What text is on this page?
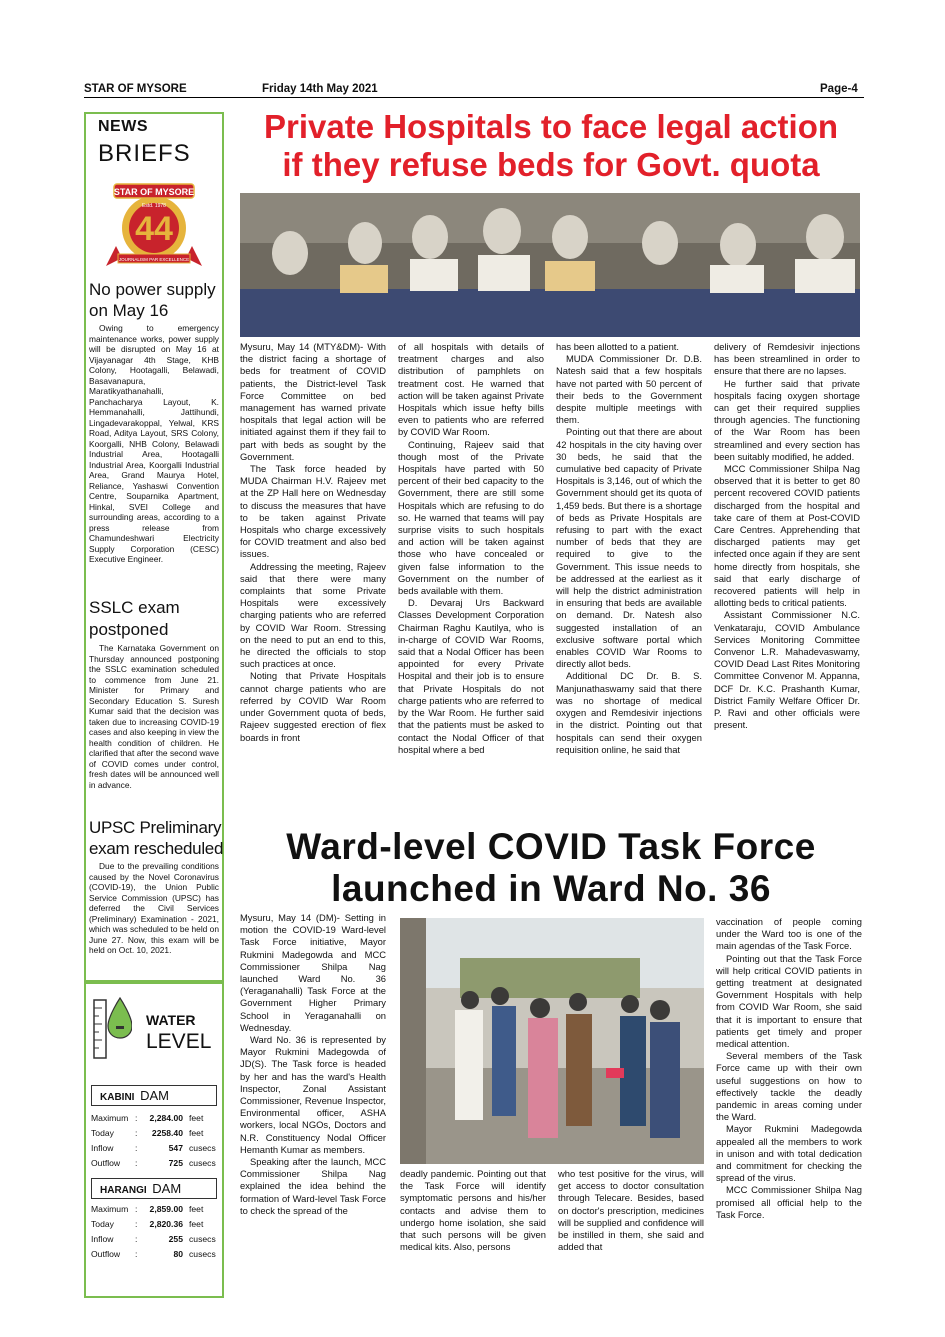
STAR OF MYSORE	Friday 14th May 2021	Page-4
NEWS
BRIEFS
STAR OF MYSORE
Estd. 1978
44
JOURNALISM PAR EXCELLENCE
No power supply
on May 16
Owing to emergency maintenance works, power supply will be disrupted on May 16 at Vijayanagar 4th Stage, KHB Colony, Hootagalli, Belawadi, Basavanapura, Maratikyathanahalli, Panchacharya Layout, K. Hemmanahalli, Jattihundi, Lingadevarakoppal, Yelwal, KRS Road, Aditya Layout, SRS Colony, Koorgalli, NHB Colony, Belawadi Industrial Area, Hootagalli Industrial Area, Koorgalli Industrial Area, Grand Maurya Hotel, Reliance, Yashaswi Convention Centre, Souparnika Apartment, Hinkal, SVEI College and surrounding areas, according to a press release from Chamundeshwari Electricity Supply Corporation (CESC) Executive Engineer.
SSLC exam
postponed
The Karnataka Government on Thursday announced postponing the SSLC examination scheduled to commence from June 21. Minister for Primary and Secondary Education S. Suresh Kumar said that the decision was taken due to increasing COVID-19 cases and also keeping in view the health condition of children. He clarified that after the second wave of COVID comes under control, fresh dates will be announced well in advance.
UPSC Preliminary
exam rescheduled
Due to the prevailing conditions caused by the Novel Coronavirus (COVID-19), the Union Public Service Commission (UPSC) has deferred the Civil Services (Preliminary) Examination - 2021, which was scheduled to be held on June 27. Now, this exam will be held on Oct. 10, 2021.
WATER
LEVEL
KABINI DAM
Maximum :	2,284.00 feet
Today	:	2258.40 feet
Inflow	:	547 cusecs
Outflow	:	725 cusecs
HARANGI DAM
Maximum :	2,859.00 feet
Today	:	2,820.36 feet
Inflow	:	255 cusecs
Outflow	:	80 cusecs
Private Hospitals to face legal action
if they refuse beds for Govt. quota

Mysuru, May 14 (MTY&DM)- With the district facing a shortage of beds for treatment of COVID patients, the District-level Task Force Committee on bed management has warned private hospitals that legal action will be initiated against them if they fail to part with beds as sought by the Government.

The Task force headed by MUDA Chairman H.V. Rajeev met at the ZP Hall here on Wednesday to discuss the measures that have to be taken against Private Hospitals who charge excessively for COVID treatment and also bed issues.

Addressing the meeting, Rajeev said that there were many complaints that some Private Hospitals were excessively charging patients who are referred by COVID War Room. Stressing on the need to put an end to this, he directed the officials to stop such practices at once.

Noting that Private Hospitals cannot charge patients who are referred by COVID War Room under Government quota of beds, Rajeev suggested erection of flex boards in front

of all hospitals with details of treatment charges and also distribution of pamphlets on treatment cost. He warned that action will be taken against Private Hospitals which issue hefty bills even to patients who are referred by COVID War Room.

Continuing, Rajeev said that though most of the Private Hospitals have parted with 50 percent of their bed capacity to the Government, there are still some Hospitals which are refusing to do so. He warned that teams will pay surprise visits to such hospitals and action will be taken against those who have concealed or given false information to the Government on the number of beds available with them.

D. Devaraj Urs Backward Classes Development Corporation Chairman Raghu Kautilya, who is in-charge of COVID War Rooms, said that a Nodal Officer has been appointed for every Private Hospital and their job is to ensure that Private Hospitals do not charge patients who are referred to by the War Room. He further said that the patients must be asked to contact the Nodal Officer of that hospital where a bed

has been allotted to a patient.

MUDA Commissioner Dr. D.B. Natesh said that a few hospitals have not parted with 50 percent of their beds to the Government despite multiple meetings with them.

Pointing out that there are about 42 hospitals in the city having over 30 beds, he said that the cumulative bed capacity of Private Hospitals is 3,146, out of which the Government should get its quota of 1,459 beds. But there is a shortage of beds as Private Hospitals are refusing to part with the exact number of beds that they are required to give to the Government. This issue needs to be addressed at the earliest as it will help the district administration in ensuring that beds are available on demand. Dr. Natesh also suggested installation of an exclusive software portal which enables COVID War Rooms to directly allot beds.

Additional DC Dr. B. S. Manjunathaswamy said that there was no shortage of medical oxygen and Remdesivir injections in the district. Pointing out that hospitals can send their oxygen requisition online, he said that

delivery of Remdesivir injections has been streamlined in order to ensure that there are no lapses.

He further said that private hospitals facing oxygen shortage can get their required supplies through agencies. The functioning of the War Room has been streamlined and every section has been suitably modified, he added.

MCC Commissioner Shilpa Nag observed that it is better to get 80 percent recovered COVID patients discharged from the hospital and take care of them at Post-COVID Care Centres. Apprehending that discharged patients may get infected once again if they are sent home directly from hospitals, she said that early discharge of recovered patients will help in allotting beds to critical patients.

Assistant Commissioner N.C. Venkataraju, COVID Ambulance Services Monitoring Committee Convenor L.R. Mahadevaswamy, COVID Dead Last Rites Monitoring Committee Convenor M. Appanna, DCF Dr. K.C. Prashanth Kumar, District Family Welfare Officer Dr. P. Ravi and other officials were present.

Ward-level COVID Task Force
launched in Ward No. 36

Mysuru, May 14 (DM)- Setting in motion the COVID-19 Ward-level Task Force initiative, Mayor Rukmini Madegowda and MCC Commissioner Shilpa Nag launched Ward No. 36 (Yeraganahalli) Task Force at the Government Higher Primary School in Yeraganahalli on Wednesday.

Ward No. 36 is represented by Mayor Rukmini Madegowda of JD(S). The Task force is headed by her and has the ward's Health Inspector, Zonal Assistant Commissioner, Revenue Inspector, Environmental officer, ASHA workers, local NGOs, Doctors and N.R. Constituency Nodal Officer Hemanth Kumar as members.

Speaking after the launch, MCC Commissioner Shilpa Nag explained the idea behind the formation of Ward-level Task Force to check the spread of the

deadly pandemic. Pointing out that the Task Force will identify symptomatic persons and his/her contacts and advise them to undergo home isolation, she said that such persons will be given medical kits. Also, persons

who test positive for the virus, will get access to doctor consultation through Telecare. Besides, based on doctor's prescription, medicines will be supplied and confidence will be instilled in them, she said and added that

vaccination of people coming under the Ward too is one of the main agendas of the Task Force.

Pointing out that the Task Force will help critical COVID patients in getting treatment at designated Government Hospitals with help from COVID War Room, she said that it is important to ensure that patients get timely and proper medical attention.

Several members of the Task Force came up with their own useful suggestions on how to effectively tackle the deadly pandemic in areas coming under the Ward.

Mayor Rukmini Madegowda appealed all the members to work in unison and with total dedication and commitment for checking the spread of the virus.

MCC Commissioner Shilpa Nag promised all official help to the Task Force.
